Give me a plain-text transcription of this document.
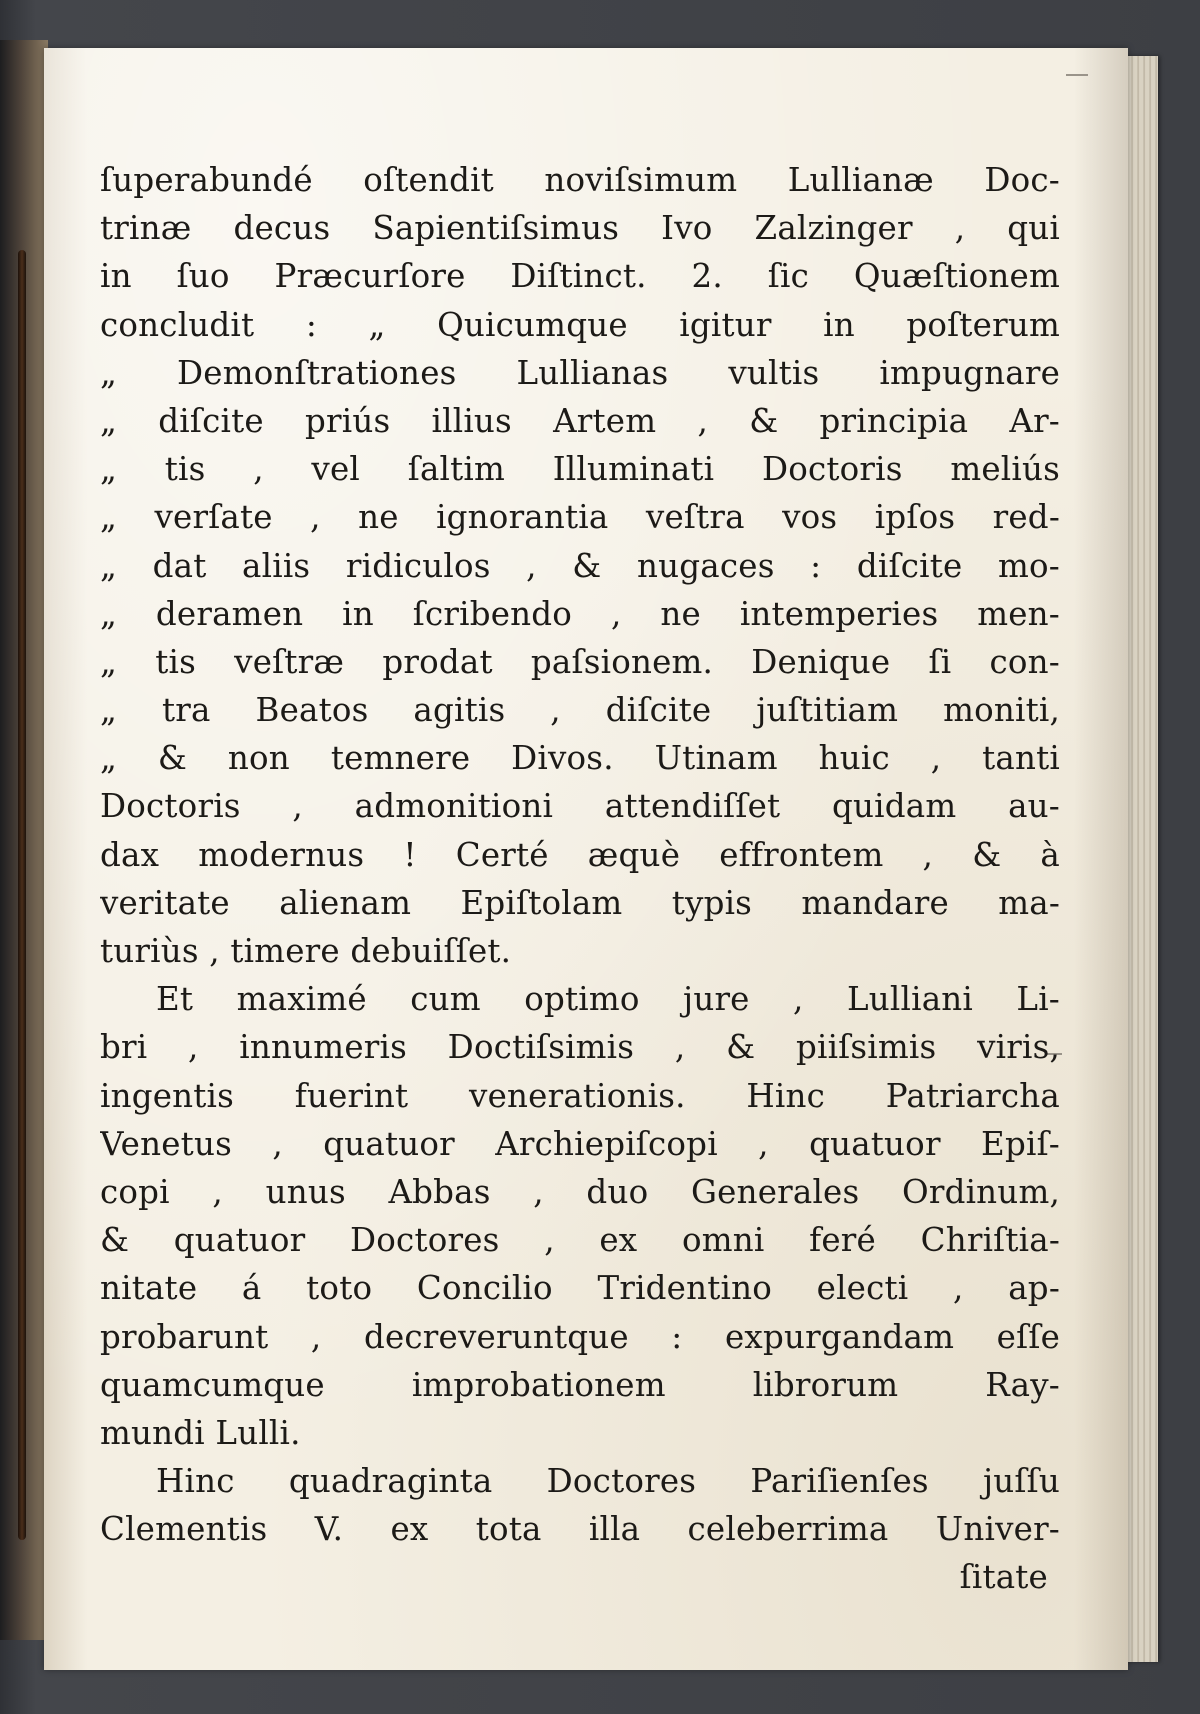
ſuperabundé oſtendit noviſsimum Lullianæ Doc-
trinæ decus Sapientiſsimus Ivo Zalzinger , qui
in ſuo Præcurſore Diſtinct. 2. ſic Quæſtionem
concludit : „ Quicumque igitur in poſterum
„ Demonſtrationes Lullianas vultis impugnare
„ diſcite priús illius Artem , & principia Ar-
„ tis , vel ſaltim Illuminati Doctoris meliús
„ verſate , ne ignorantia veſtra vos ipſos red-
„ dat aliis ridiculos , & nugaces : diſcite mo-
„ deramen in ſcribendo , ne intemperies men-
„ tis veſtræ prodat paſsionem. Denique ſi con-
„ tra Beatos agitis , diſcite juſtitiam moniti,
„ & non temnere Divos. Utinam huic , tanti
Doctoris , admonitioni attendiſſet quidam au-
dax modernus ! Certé æquè effrontem , & à
veritate alienam Epiſtolam typis mandare ma-
turiùs , timere debuiſſet.
Et maximé cum optimo jure , Lulliani Li-
bri , innumeris Doctiſsimis , & piiſsimis viris,
ingentis fuerint venerationis. Hinc Patriarcha
Venetus , quatuor Archiepiſcopi , quatuor Epiſ-
copi , unus Abbas , duo Generales Ordinum,
& quatuor Doctores , ex omni feré Chriſtia-
nitate á toto Concilio Tridentino electi , ap-
probarunt , decreveruntque : expurgandam eſſe
quamcumque improbationem librorum Ray-
mundi Lulli.
Hinc quadraginta Doctores Pariſienſes juſſu
Clementis V. ex tota illa celeberrima Univer-
ſitate
